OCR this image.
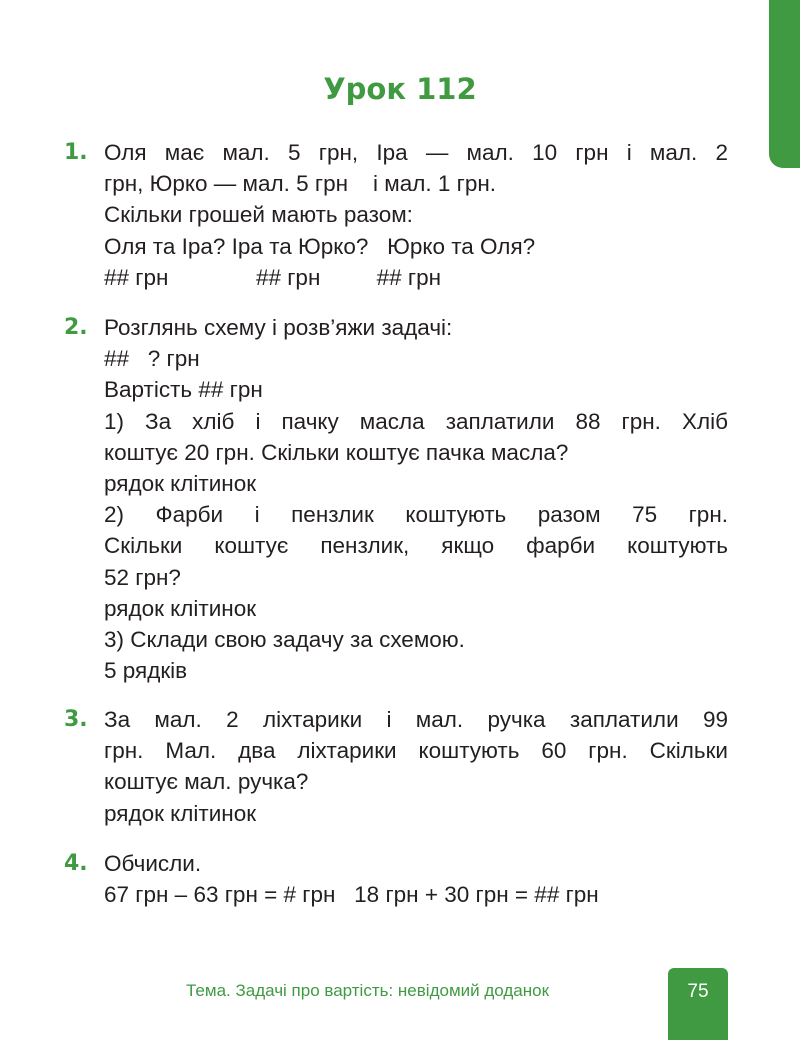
Урок 112
1. Оля має мал. 5 грн, Іра — мал. 10 грн і мал. 2
грн, Юрко — мал. 5 грн    і мал. 1 грн.
Скільки грошей мають разом:
Оля та Іра? Іра та Юрко?   Юрко та Оля?
## грн              ## грн         ## грн
2. Розглянь схему і розв’яжи задачі:
##   ? грн
Вартість ## грн
1) За хліб і пачку масла заплатили 88 грн. Хліб
коштує 20 грн. Скільки коштує пачка масла?
рядок клітинок
2) Фарби і пензлик коштують разом 75 грн.
Скільки коштує пензлик, якщо фарби коштують
52 грн?
рядок клітинок
3) Склади свою задачу за схемою.
5 рядків
3. За мал. 2 ліхтарики і мал. ручка заплатили 99
грн. Мал. два ліхтарики коштують 60 грн. Скільки
коштує мал. ручка?
рядок клітинок
4. Обчисли.
67 грн – 63 грн = # грн   18 грн + 30 грн = ## грн
Тема. Задачі про вартість: невідомий доданок	75
